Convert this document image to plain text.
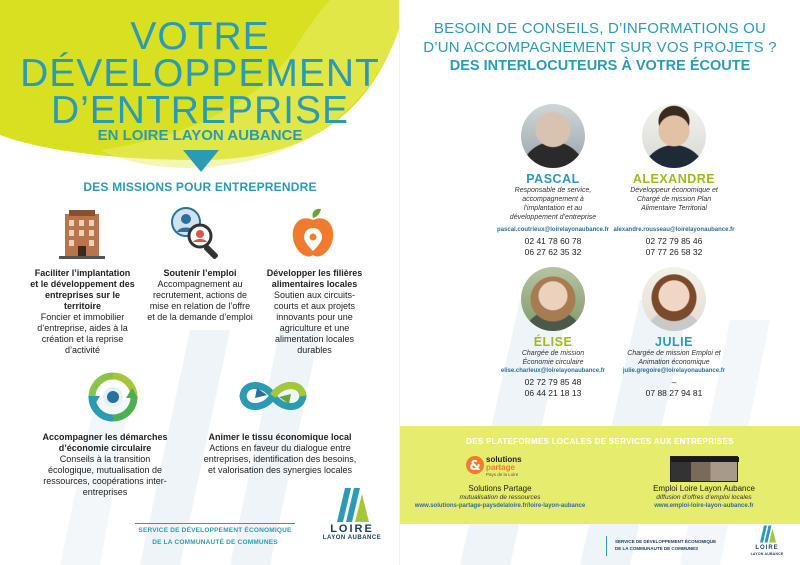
VOTRE
DÉVELOPPEMENT
D’ENTREPRISE
EN LOIRE LAYON AUBANCE
DES MISSIONS POUR ENTREPRENDRE
Faciliter l’implantation et le développement des entreprises sur le territoire
Foncier et immobilier d’entreprise, aides à la création et la reprise d’activité
Soutenir l’emploi
Accompagnement au recrutement, actions de mise en relation de l’offre et de la demande d’emploi
Développer les filières alimentaires locales
Soutien aux circuits-courts et aux projets innovants pour une agriculture et une alimentation locales durables
Accompagner les démarches d’économie circulaire
Conseils à la transition écologique, mutualisation de ressources, coopérations inter-entreprises
Animer le tissu économique local
Actions en faveur du dialogue entre entreprises, identification des besoins, et valorisation des synergies locales
SERVICE DE DÉVELOPPEMENT ÉCONOMIQUE
DE LA COMMUNAUTÉ DE COMMUNES
LOIRE
LAYON AUBANCE
BESOIN DE CONSEILS, D’INFORMATIONS OU
D’UN ACCOMPAGNEMENT SUR VOS PROJETS ?
DES INTERLOCUTEURS À VOTRE ÉCOUTE
PASCAL
Responsable de service, accompagnement à l’implantation et au développement d’entreprise
pascal.coutrieux@loirelayonaubance.fr
02 41 78 60 78
06 27 62 35 32
ALEXANDRE
Développeur économique et Chargé de mission Plan Alimentaire Territorial
alexandre.rousseau@loirelayonaubance.fr
02 72 79 85 46
07 77 26 58 32
ÉLISE
Chargée de mission Économie circulaire
elise.charleux@loirelayonaubance.fr
02 72 79 85 48
06 44 21 18 13
JULIE
Chargée de mission Emploi et Animation économique
julie.gregoire@loirelayonaubance.fr
–
07 88 27 94 81
DES PLATEFORMES LOCALES DE SERVICES AUX ENTREPRISES
& solutions
partage
Pays de la Loire
Solutions Partage
mutualisation de ressources
www.solutions-partage-paysdelaloire.fr/loire-layon-aubance
Emploi Loire Layon Aubance
diffusion d’offres d’emploi locales
www.emploi-loire-layon-aubance.fr
SERVICE DE DÉVELOPPEMENT ÉCONOMIQUE
DE LA COMMUNAUTÉ DE COMMUNES	LOIRE
LAYON AUBANCE
